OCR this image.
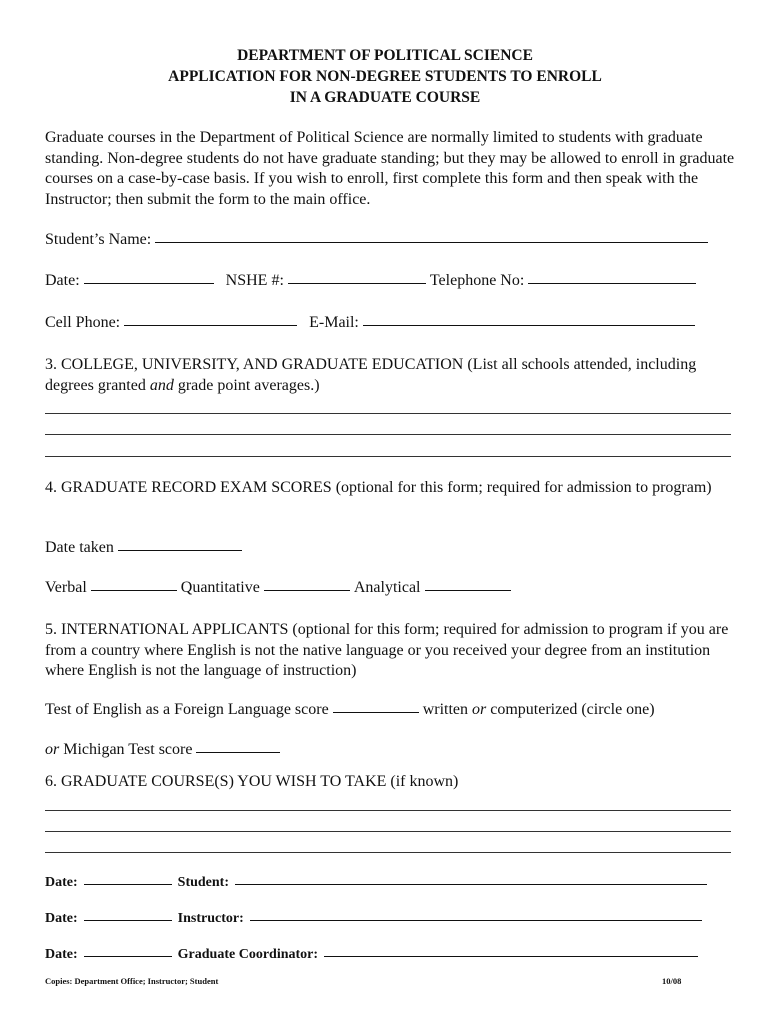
DEPARTMENT OF POLITICAL SCIENCE
APPLICATION FOR NON-DEGREE STUDENTS TO ENROLL
IN A GRADUATE COURSE
Graduate courses in the Department of Political Science are normally limited to students with graduate standing. Non-degree students do not have graduate standing; but they may be allowed to enroll in graduate courses on a case-by-case basis. If you wish to enroll, first complete this form and then speak with the Instructor; then submit the form to the main office.
Student’s Name:
Date:	NSHE #:	Telephone No:
Cell Phone:	E-Mail:
3. COLLEGE, UNIVERSITY, AND GRADUATE EDUCATION (List all schools attended, including degrees granted and grade point averages.)
4. GRADUATE RECORD EXAM SCORES (optional for this form; required for admission to program)
Date taken
Verbal	Quantitative	Analytical
5. INTERNATIONAL APPLICANTS (optional for this form; required for admission to program if you are from a country where English is not the native language or you received your degree from an institution where English is not the language of instruction)
Test of English as a Foreign Language score	written or computerized (circle one)
or Michigan Test score
6. GRADUATE COURSE(S) YOU WISH TO TAKE (if known)
Date:	Student:
Date:	Instructor:
Date:	Graduate Coordinator:
Copies: Department Office; Instructor; Student	10/08
